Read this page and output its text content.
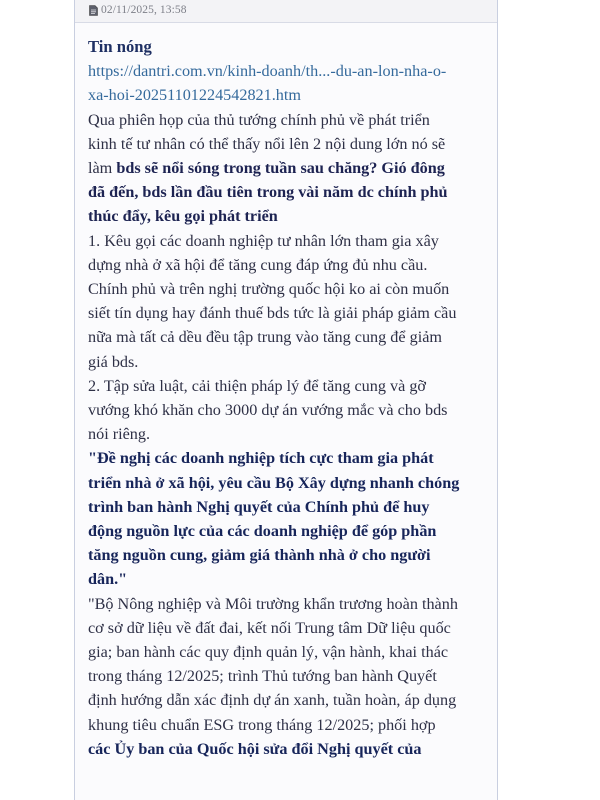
02/11/2025, 13:58
Tin nóng
https://dantri.com.vn/kinh-doanh/th...-du-an-lon-nha-o-
xa-hoi-20251101224542821.htm
Qua phiên họp của thủ tướng chính phủ về phát triển
kinh tế tư nhân có thể thấy nổi lên 2 nội dung lớn nó sẽ
làm bds sẽ nổi sóng trong tuần sau chăng? Gió đông
đã đến, bds lần đầu tiên trong vài năm dc chính phủ
thúc đẩy, kêu gọi phát triển
1. Kêu gọi các doanh nghiệp tư nhân lớn tham gia xây
dựng nhà ở xã hội để tăng cung đáp ứng đủ nhu cầu.
Chính phủ và trên nghị trường quốc hội ko ai còn muốn
siết tín dụng hay đánh thuế bds tức là giải pháp giảm cầu
nữa mà tất cả dều đều tập trung vào tăng cung để giảm
giá bds.
2. Tập sửa luật, cải thiện pháp lý để tăng cung và gỡ
vướng khó khăn cho 3000 dự án vướng mắc và cho bds
nói riêng.
"Đề nghị các doanh nghiệp tích cực tham gia phát
triển nhà ở xã hội, yêu cầu Bộ Xây dựng nhanh chóng
trình ban hành Nghị quyết của Chính phủ để huy
động nguồn lực của các doanh nghiệp để góp phần
tăng nguồn cung, giảm giá thành nhà ở cho người
dân."
"Bộ Nông nghiệp và Môi trường khẩn trương hoàn thành
cơ sở dữ liệu về đất đai, kết nối Trung tâm Dữ liệu quốc
gia; ban hành các quy định quản lý, vận hành, khai thác
trong tháng 12/2025; trình Thủ tướng ban hành Quyết
định hướng dẫn xác định dự án xanh, tuần hoàn, áp dụng
khung tiêu chuẩn ESG trong tháng 12/2025; phối hợp
các Ủy ban của Quốc hội sửa đổi Nghị quyết của
